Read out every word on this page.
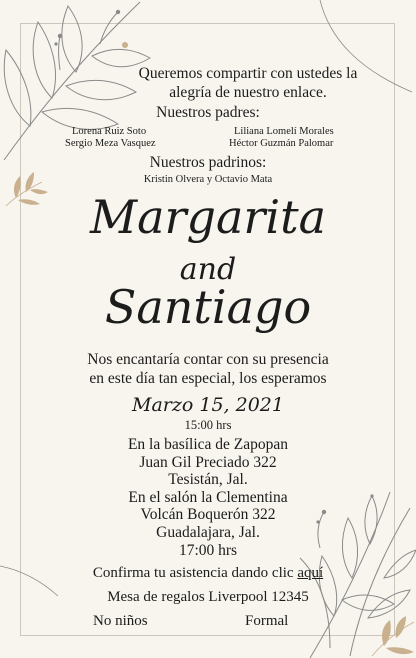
Queremos compartir con ustedes la
alegría de nuestro enlace.
Nuestros padres:
Lorena Ruiz Soto
Sergio Meza Vasquez
Liliana Lomelí Morales
Héctor Guzmán Palomar
Nuestros padrinos:
Kristin Olvera y Octavio Mata
Margarita
and
Santiago
Nos encantaría contar con su presencia
en este día tan especial, los esperamos
Marzo 15, 2021
15:00 hrs
En la basílica de Zapopan
Juan Gil Preciado 322
Tesistán, Jal.
En el salón la Clementina
Volcán Boquerón 322
Guadalajara, Jal.
17:00 hrs
Confirma tu asistencia dando clic aquí
Mesa de regalos Liverpool 12345
No niños	Formal
